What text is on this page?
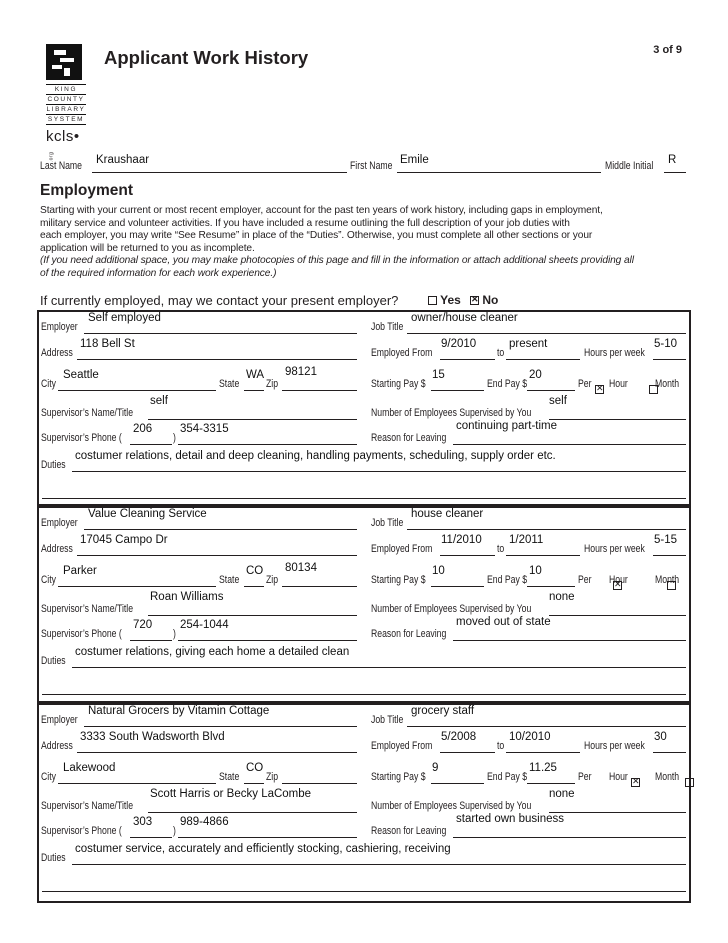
KING
COUNTY
LIBRARY
SYSTEM
kcls•.org
Applicant Work History	3 of 9
Last Name Kraushaar	First Name Emile	Middle Initial R
Employment

Starting with your current or most recent employer, account for the past ten years of work history, including gaps in employment,

military service and volunteer activities. If you have included a resume outlining the full description of your job duties with

each employer, you may write “See Resume” in place of the “Duties”. Otherwise, you must complete all other sections or your

application will be returned to you as incomplete.

(If you need additional space, you may make photocopies of this page and fill in the information or attach additional sheets providing all

of the required information for each work experience.)

If currently employed, may we contact your present employer?	Yes ✕	No
Employer
Self employed
Address
118 Bell St
City
Seattle
State
WA
Zip
98121
Supervisor’s Name/Title
self
Supervisor’s Phone (
206
)
354-3315
Duties
costumer relations, detail and deep cleaning, handling payments, scheduling, supply order etc.
Job Title
owner/house cleaner
Employed From
9/2010
to
present
Hours per week
5-10
Starting Pay $
15
End Pay $
20
Per ✕ Hour	Month
Number of Employees Supervised by You
self
Reason for Leaving
continuing part-time
Employer
Value Cleaning Service
Address
17045 Campo Dr
City
Parker
State
CO
Zip
80134
Supervisor’s Name/Title
Roan Williams
Supervisor’s Phone (
720
)
254-1044
Duties
costumer relations, giving each home a detailed clean
Job Title
house cleaner
Employed From
11/2010
to
1/2011
Hours per week
5-15
Starting Pay $
10
End Pay $
10
Per
✕ Hour	Month
Number of Employees Supervised by You
none
Reason for Leaving
moved out of state
Employer
Natural Grocers by Vitamin Cottage
Address
3333 South Wadsworth Blvd
City
Lakewood
State
CO
Zip
Supervisor’s Name/Title
Scott Harris or Becky LaCombe
Supervisor’s Phone (
303
)
989-4866
Duties
costumer service, accurately and efficiently stocking, cashiering, receiving
Job Title
grocery staff
Employed From
5/2008
to
10/2010
Hours per week
30
Starting Pay $
9
End Pay $
11.25
Per
✕ Hour	Month
Number of Employees Supervised by You
none
Reason for Leaving
started own business
